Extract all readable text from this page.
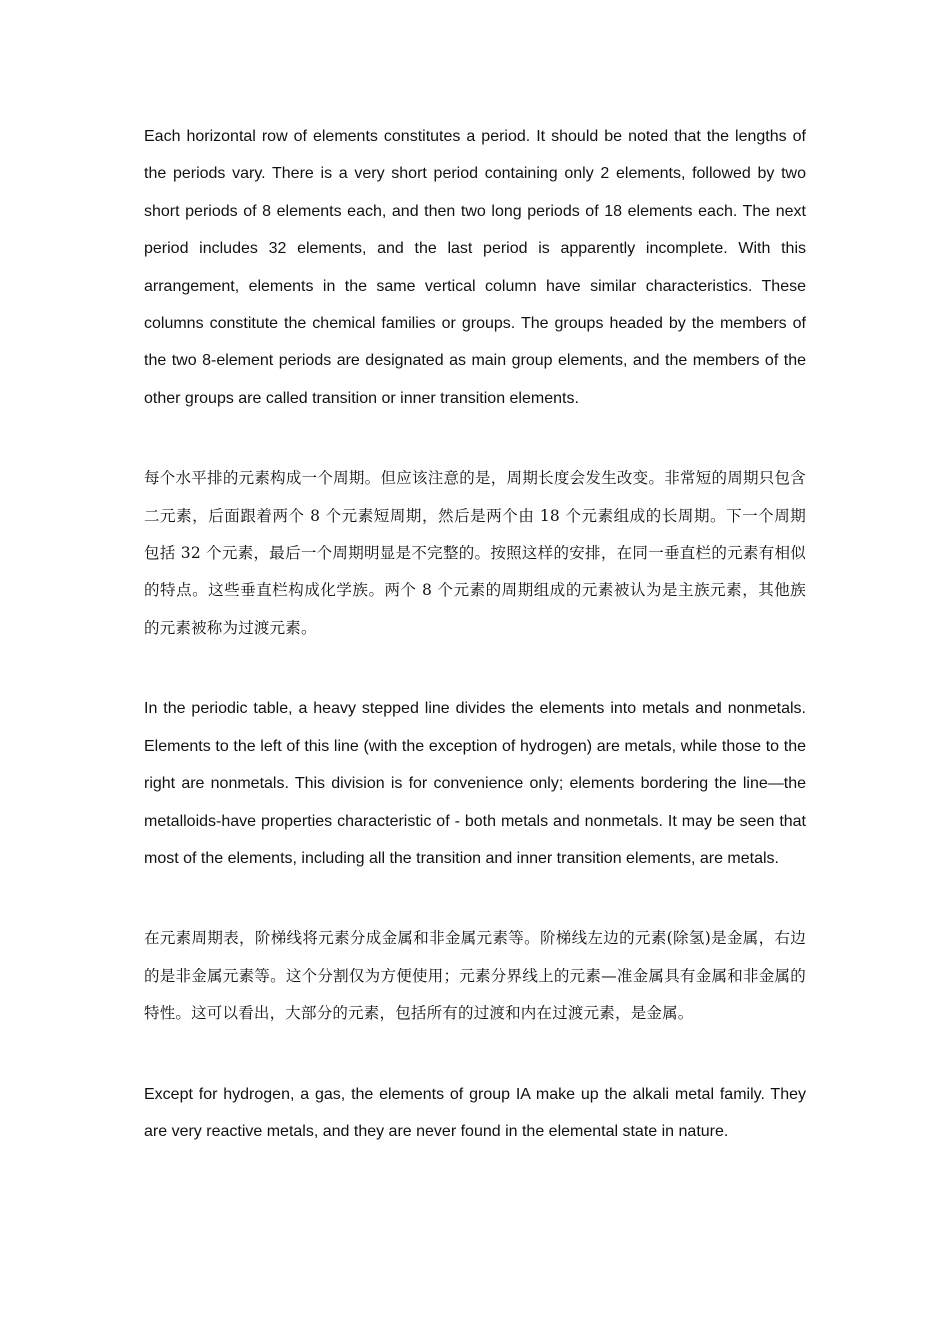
Each horizontal row of elements constitutes a period. It should be noted that the lengths of the periods vary. There is a very short period containing only 2 elements, followed by two short periods of 8 elements each, and then two long periods of 18 elements each. The next period includes 32 elements, and the last period is apparently incomplete. With this arrangement, elements in the same vertical column have similar characteristics. These columns constitute the chemical families or groups. The groups headed by the members of the two 8-element periods are designated as main group elements, and the members of the other groups are called transition or inner transition elements.

每个水平排的元素构成一个周期。但应该注意的是，周期长度会发生改变。非常短的周期只包含二元素，后面跟着两个 8 个元素短周期，然后是两个由 18 个元素组成的长周期。下一个周期包括 32 个元素，最后一个周期明显是不完整的。按照这样的安排，在同一垂直栏的元素有相似的特点。这些垂直栏构成化学族。两个 8 个元素的周期组成的元素被认为是主族元素，其他族的元素被称为过渡元素。

In the periodic table, a heavy stepped line divides the elements into metals and nonmetals. Elements to the left of this line (with the exception of hydrogen) are metals, while those to the right are nonmetals. This division is for convenience only; elements bordering the line—the metalloids-have properties characteristic of - both metals and nonmetals. It may be seen that most of the elements, including all the transition and inner transition elements, are metals.

在元素周期表，阶梯线将元素分成金属和非金属元素等。阶梯线左边的元素(除氢)是金属，右边的是非金属元素等。这个分割仅为方便使用；元素分界线上的元素—准金属具有金属和非金属的特性。这可以看出，大部分的元素，包括所有的过渡和内在过渡元素，是金属。

Except for hydrogen, a gas, the elements of group IA make up the alkali metal family. They are very reactive metals, and they are never found in the elemental state in nature.
